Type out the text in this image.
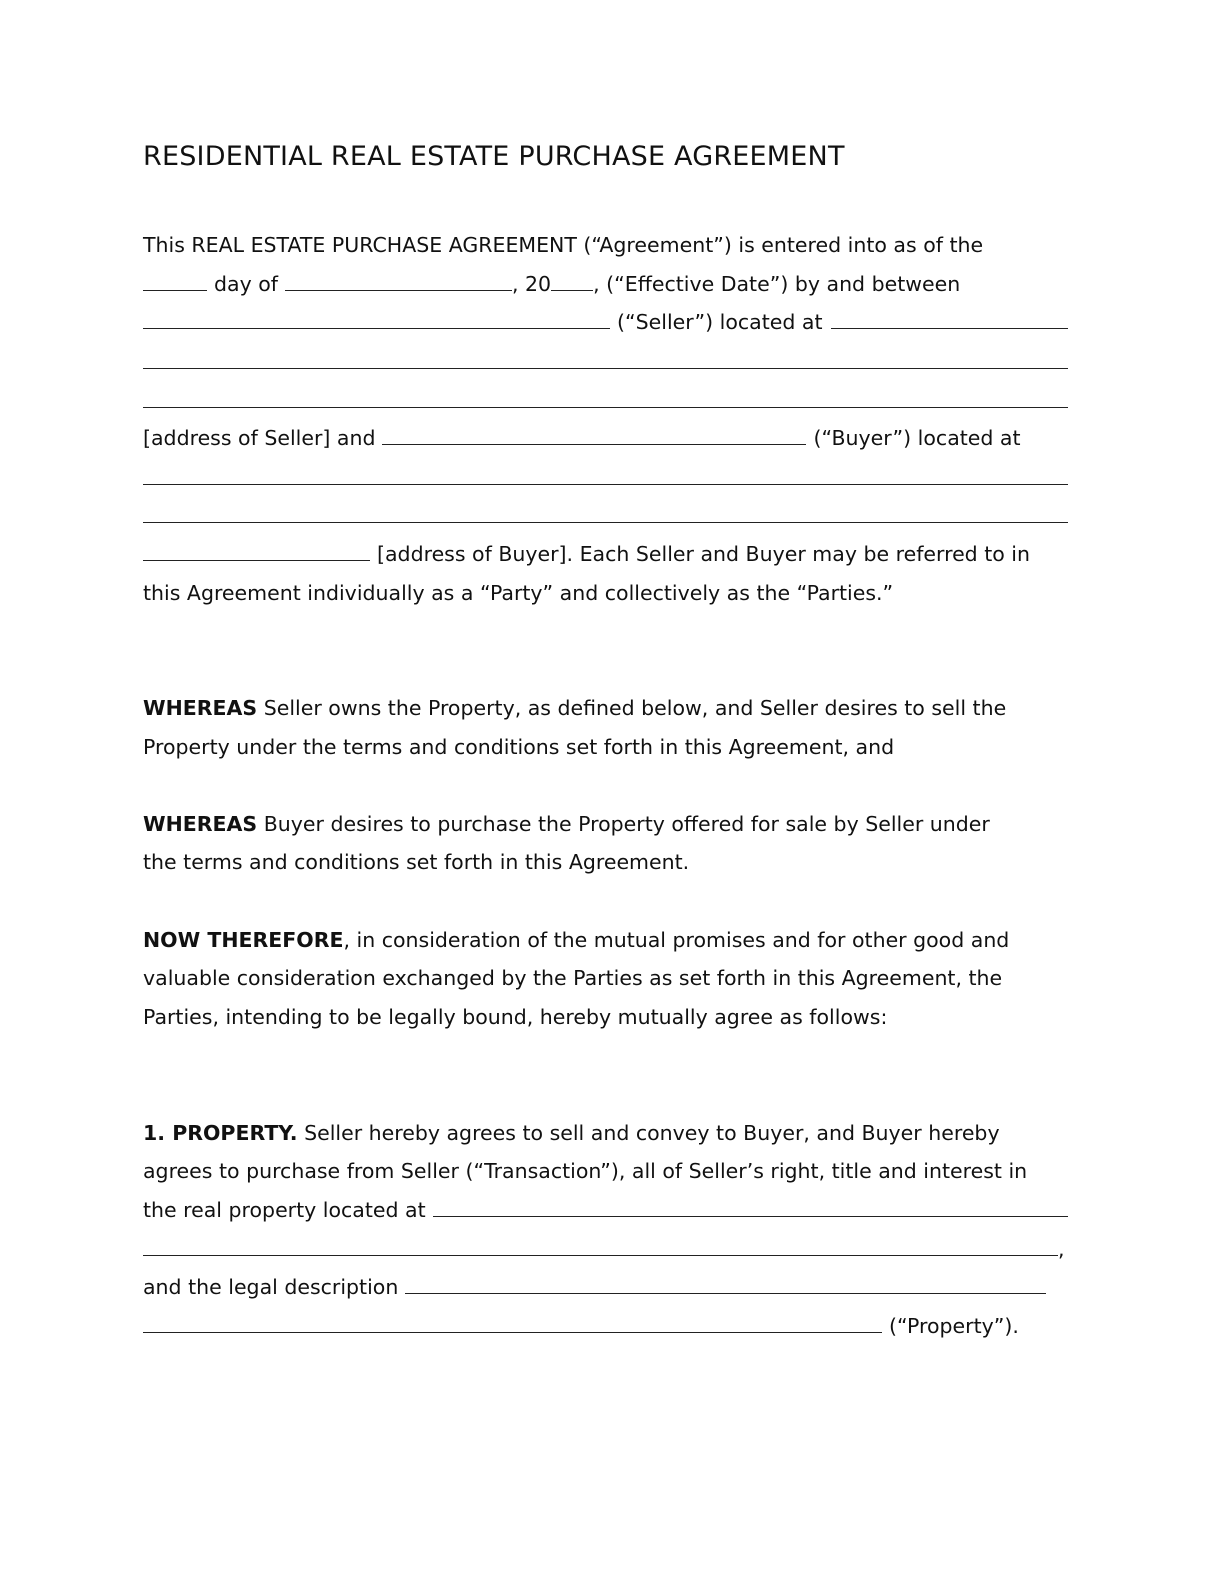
RESIDENTIAL REAL ESTATE PURCHASE AGREEMENT
This REAL ESTATE PURCHASE AGREEMENT (“Agreement”) is entered into as of the
day of	, 20 , (“Effective Date”) by and between
(“Seller”) located at
[address of Seller] and	(“Buyer”) located at
[address of Buyer]. Each Seller and Buyer may be referred to in
this Agreement individually as a “Party” and collectively as the “Parties.”
WHEREAS Seller owns the Property, as defined below, and Seller desires to sell the
Property under the terms and conditions set forth in this Agreement, and
WHEREAS Buyer desires to purchase the Property offered for sale by Seller under
the terms and conditions set forth in this Agreement.
NOW THEREFORE, in consideration of the mutual promises and for other good and
valuable consideration exchanged by the Parties as set forth in this Agreement, the
Parties, intending to be legally bound, hereby mutually agree as follows:
1. PROPERTY. Seller hereby agrees to sell and convey to Buyer, and Buyer hereby
agrees to purchase from Seller (“Transaction”), all of Seller’s right, title and interest in
the real property located at
,
and the legal description
(“Property”).
